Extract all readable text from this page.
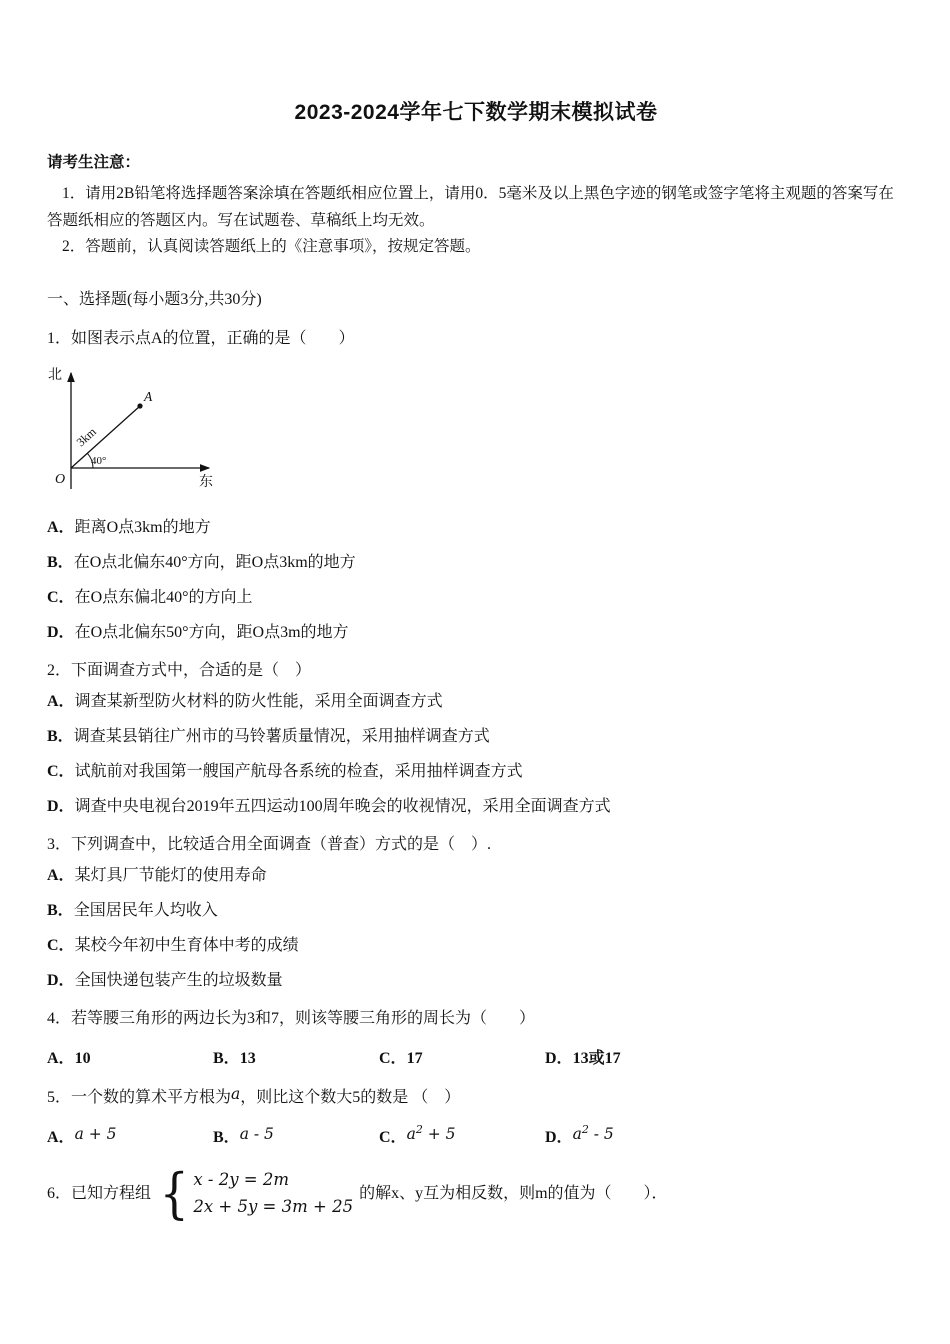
2023-2024学年七下数学期末模拟试卷

请考生注意：

1．请用2B铅笔将选择题答案涂填在答题纸相应位置上，请用0．5毫米及以上黑色字迹的钢笔或签字笔将主观题的答案写在答题纸相应的答题区内。写在试题卷、草稿纸上均无效。

2．答题前，认真阅读答题纸上的《注意事项》，按规定答题。

一、选择题(每小题3分,共30分)

1．如图表示点A的位置，正确的是（　　）

北
东
O
40°
3km
A

A．距离O点3km的地方

B．在O点北偏东40°方向，距O点3km的地方

C．在O点东偏北40°的方向上

D．在O点北偏东50°方向，距O点3m的地方

2．下面调查方式中，合适的是（　）

A．调查某新型防火材料的防火性能，采用全面调查方式

B．调查某县销往广州市的马铃薯质量情况，采用抽样调查方式

C．试航前对我国第一艘国产航母各系统的检查，采用抽样调查方式

D．调查中央电视台2019年五四运动100周年晚会的收视情况，采用全面调查方式

3．下列调查中，比较适合用全面调查（普查）方式的是（　）.

A．某灯具厂节能灯的使用寿命

B．全国居民年人均收入

C．某校今年初中生育体中考的成绩

D．全国快递包装产生的垃圾数量

4．若等腰三角形的两边长为3和7，则该等腰三角形的周长为（　　）

A．10	B．13	C．17	D．13或17

5．一个数的算术平方根为a，则比这个数大5的数是 （　）

A．a + 5	B．a - 5	C．$a^2 + 5$	D．$a^2 - 5$
6．已知方程组 { x - 2y = 2m
2x + 5y = 3m + 25
的解x、y互为相反数，则m的值为（　　）．
